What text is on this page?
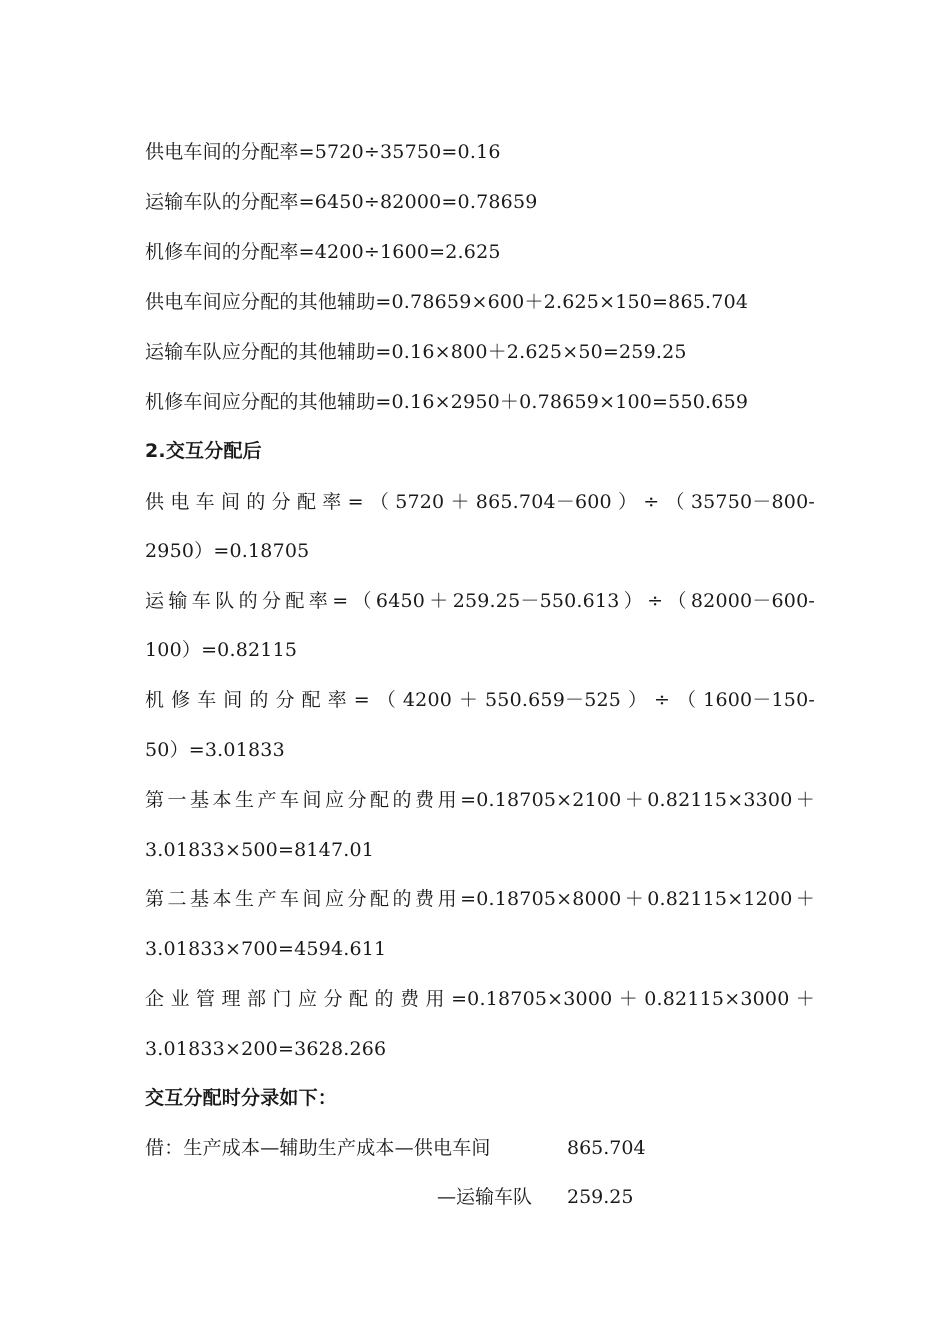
供电车间的分配率=5720÷35750=0.16
运输车队的分配率=6450÷82000=0.78659
机修车间的分配率=4200÷1600=2.625
供电车间应分配的其他辅助=0.78659×600＋2.625×150=865.704
运输车队应分配的其他辅助=0.16×800＋2.625×50=259.25
机修车间应分配的其他辅助=0.16×2950＋0.78659×100=550.659
2.交互分配后
供电车间的分配率=（5720＋865.704－600）÷（35750－800-
2950）=0.18705
运输车队的分配率=（6450＋259.25－550.613）÷（82000－600-
100）=0.82115
机修车间的分配率=（4200＋550.659－525）÷（1600－150-
50）=3.01833
第一基本生产车间应分配的费用=0.18705×2100＋0.82115×3300＋
3.01833×500=8147.01
第二基本生产车间应分配的费用=0.18705×8000＋0.82115×1200＋
3.01833×700=4594.611
企业管理部门应分配的费用=0.18705×3000＋0.82115×3000＋
3.01833×200=3628.266
交互分配时分录如下：
借：生产成本—辅助生产成本—供电车间	865.704
—运输车队 259.25
